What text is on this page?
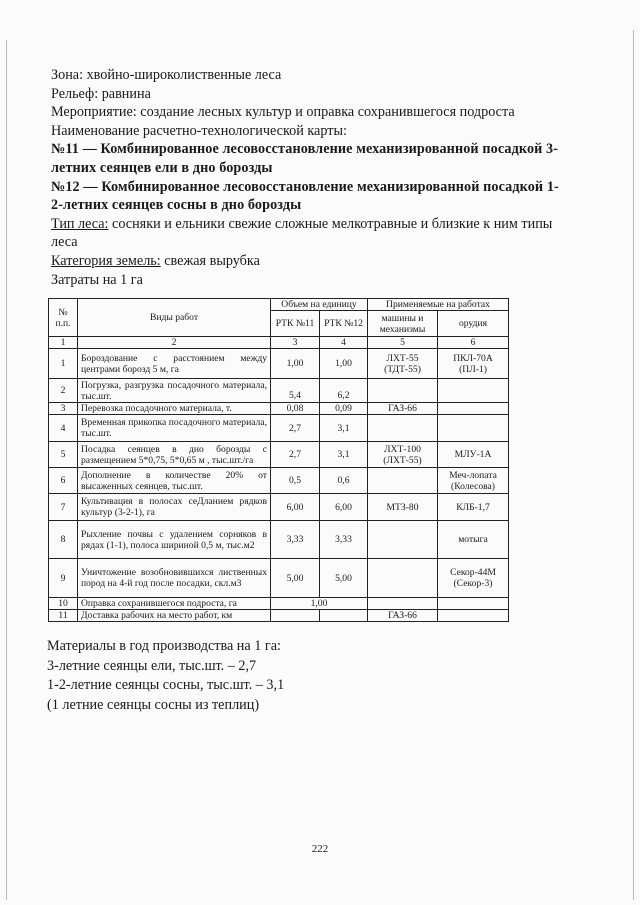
Зона: хвойно-широколиственные леса
Рельеф: равнина
Мероприятие: создание лесных культур и оправка сохранившегося подроста
Наименование расчетно-технологической карты:
№11 — Комбинированное лесовосстановление механизированной посадкой 3-летних сеянцев ели в дно борозды
№12 — Комбинированное лесовосстановление механизированной посадкой 1-2-летних сеянцев сосны в дно борозды
Тип леса: сосняки и ельники свежие сложные мелкотравные и близкие к ним типы леса
Категория земель: свежая вырубка
Затраты на 1 га
№ п.п.	Виды работ	Объем на единицу		Применяемые на работах	
		РТК №11	РТК №12	машины и механизмы	орудия
1	2	3	4	5	6
1	Бороздование с расстоянием между центрами борозд 5 м, га	1,00	1,00	ЛХТ-55 (ТДТ-55)	ПКЛ-70А (ПЛ-1)
2	Погрузка, разгрузка посадочного материала, тыс.шт.	5,4	6,2		
3	Перевозка посадочного материала, т.	0,08	0,09	ГАЗ-66	
4	Временная прикопка посадочного материала, тыс.шт.	2,7	3,1		
5	Посадка сеянцев в дно борозды с размещением 5*0,75, 5*0,65 м , тыс.шт./га	2,7	3,1	ЛХТ-100 (ЛХТ-55)	МЛУ-1А
6	Дополнение в количестве 20% от высаженных сеянцев, тыс.шт.	0,5	0,6		Меч-лопата (Колесова)
7	Культивация в полосах сеДланием рядков культур (3-2-1), га	6,00	6,00	МТЗ-80	КЛБ-1,7
8	Рыхление почвы с удалением сорняков в рядах (1-1), полоса шириной 0,5 м, тыс.м2	3,33	3,33		мотыга
9	Уничтожение возобновившихся лиственных пород на 4-й год после посадки, скл.м3	5,00	5,00		Секор-44М (Секор-3)
10	Оправка сохранившегося подроста, га	1,00			
11	Доставка рабочих на место работ, км			ГАЗ-66	
Материалы в год производства на 1 га:
3-летние сеянцы ели, тыс.шт. – 2,7
1-2-летние сеянцы сосны, тыс.шт. – 3,1
(1 летние сеянцы сосны из теплиц)
222
